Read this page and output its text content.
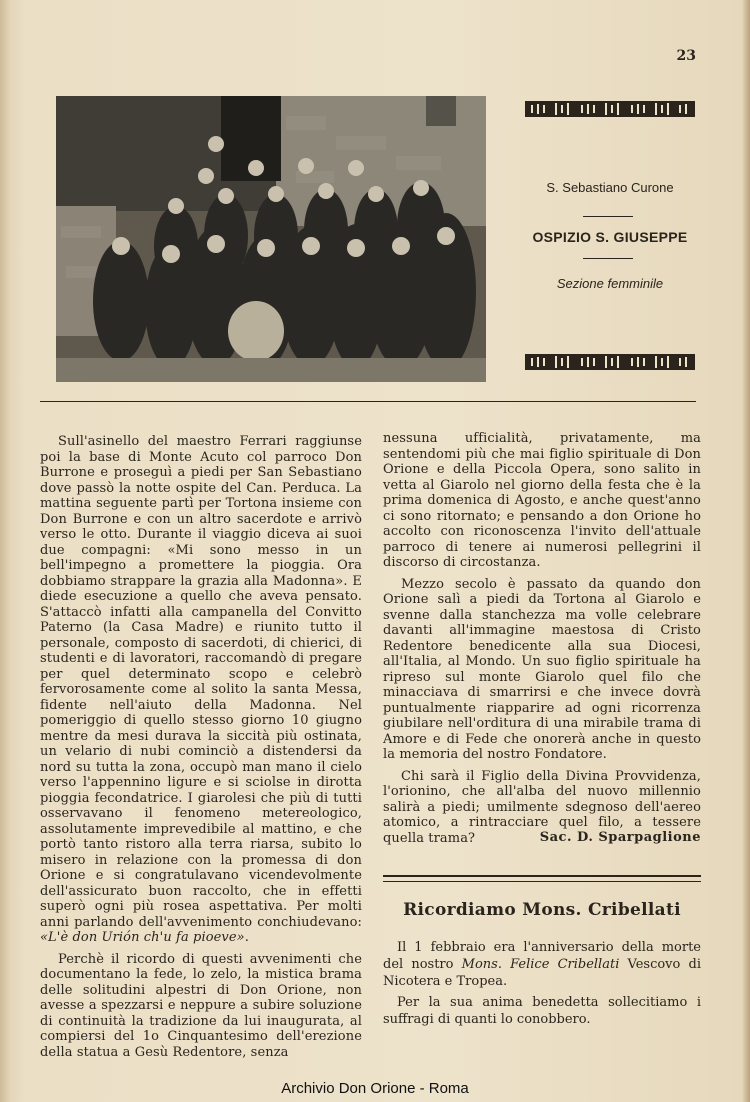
23
S. Sebastiano Curone
OSPIZIO S. GIUSEPPE
Sezione femminile

Sull'asinello del maestro Ferrari raggiunse poi la base di Monte Acuto col parroco Don Burrone e proseguì a piedi per San Sebastiano dove passò la notte ospite del Can. Perduca. La mattina seguente partì per Tortona insieme con Don Burrone e con un altro sacerdote e arrivò verso le otto. Durante il viaggio diceva ai suoi due compagni: «Mi sono messo in un bell'impegno a promettere la pioggia. Ora dobbiamo strappare la grazia alla Madonna». E diede esecuzione a quello che aveva pensato. S'attaccò infatti alla campanella del Convitto Paterno (la Casa Madre) e riunito tutto il personale, composto di sacerdoti, di chierici, di studenti e di lavoratori, raccomandò di pregare per quel determinato scopo e celebrò fervorosamente come al solito la santa Messa, fidente nell'aiuto della Madonna. Nel pomeriggio di quello stesso giorno 10 giugno mentre da mesi durava la siccità più ostinata, un velario di nubi cominciò a distendersi da nord su tutta la zona, occupò man mano il cielo verso l'appennino ligure e si sciolse in dirotta pioggia fecondatrice. I giarolesi che più di tutti osservavano il fenomeno metereologico, assolutamente imprevedibile al mattino, e che portò tanto ristoro alla terra riarsa, subito lo misero in relazione con la promessa di don Orione e si congratulavano vicendevolmente dell'assicurato buon raccolto, che in effetti superò ogni più rosea aspettativa. Per molti anni parlando dell'avvenimento conchiudevano: «L'è don Urión ch'u fa pioeve».

Perchè il ricordo di questi avvenimenti che documentano la fede, lo zelo, la mistica brama delle solitudini alpestri di Don Orione, non avesse a spezzarsi e neppure a subire soluzione di continuità la tradizione da lui inaugurata, al compiersi del 1o Cinquantesimo dell'erezione della statua a Gesù Redentore, senza

nessuna ufficialità, privatamente, ma sentendomi più che mai figlio spirituale di Don Orione e della Piccola Opera, sono salito in vetta al Giarolo nel giorno della festa che è la prima domenica di Agosto, e anche quest'anno ci sono ritornato; e pensando a don Orione ho accolto con riconoscenza l'invito dell'attuale parroco di tenere ai numerosi pellegrini il discorso di circostanza.

Mezzo secolo è passato da quando don Orione salì a piedi da Tortona al Giarolo e svenne dalla stanchezza ma volle celebrare davanti all'immagine maestosa di Cristo Redentore benedicente alla sua Diocesi, all'Italia, al Mondo. Un suo figlio spirituale ha ripreso sul monte Giarolo quel filo che minacciava di smarrirsi e che invece dovrà puntualmente riapparire ad ogni ricorrenza giubilare nell'orditura di una mirabile trama di Amore e di Fede che onorerà anche in questo la memoria del nostro Fondatore.

Chi sarà il Figlio della Divina Provvidenza, l'orionino, che all'alba del nuovo millennio salirà a piedi; umilmente sdegnoso dell'aereo atomico, a rintracciare quel filo, a tessere quella trama?	Sac. D. Sparpaglione
Ricordiamo Mons. Cribellati

Il 1 febbraio era l'anniversario della morte del nostro Mons. Felice Cribellati Vescovo di Nicotera e Tropea.

Per la sua anima benedetta sollecitiamo i suffragi di quanti lo conobbero.

Archivio Don Orione - Roma
